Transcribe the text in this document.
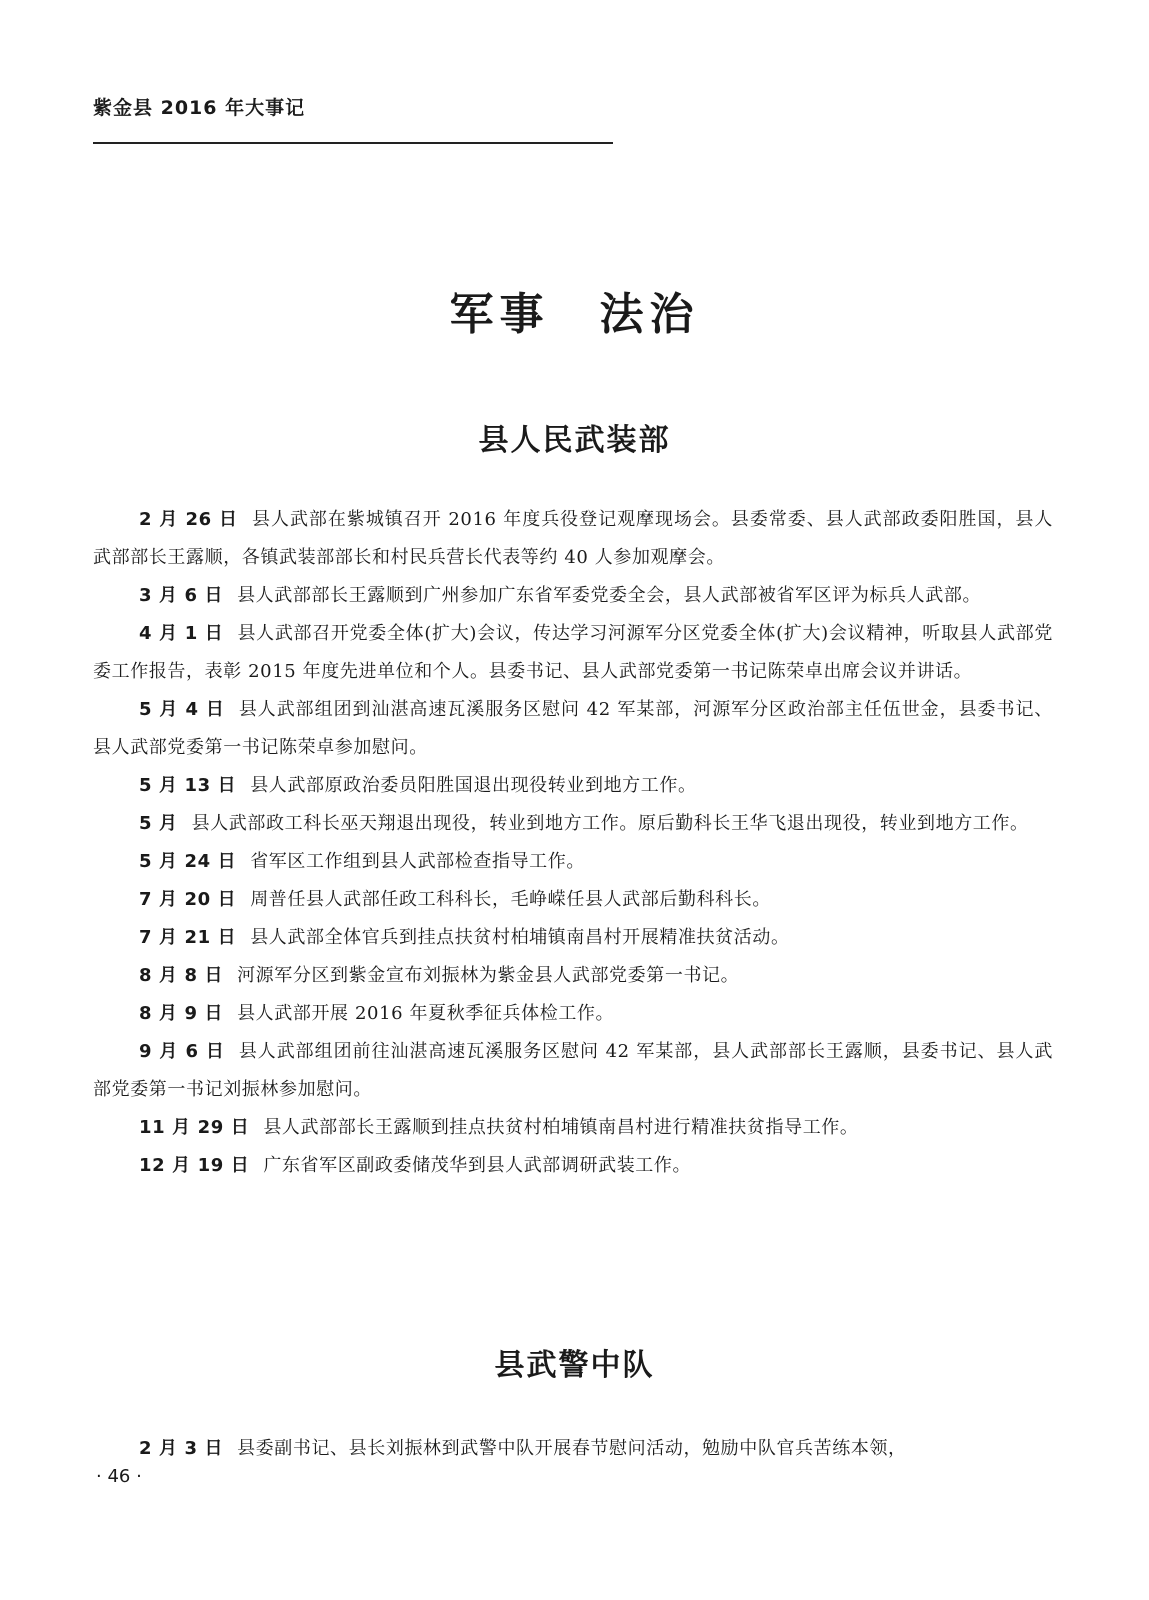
紫金县 2016 年大事记
军事　法治
县人民武装部

2 月 26 日 县人武部在紫城镇召开 2016 年度兵役登记观摩现场会。县委常委、县人武部政委阳胜国，县人武部部长王露顺，各镇武装部部长和村民兵营长代表等约 40 人参加观摩会。

3 月 6 日 县人武部部长王露顺到广州参加广东省军委党委全会，县人武部被省军区评为标兵人武部。

4 月 1 日 县人武部召开党委全体(扩大)会议，传达学习河源军分区党委全体(扩大)会议精神，听取县人武部党委工作报告，表彰 2015 年度先进单位和个人。县委书记、县人武部党委第一书记陈荣卓出席会议并讲话。

5 月 4 日 县人武部组团到汕湛高速瓦溪服务区慰问 42 军某部，河源军分区政治部主任伍世金，县委书记、县人武部党委第一书记陈荣卓参加慰问。

5 月 13 日 县人武部原政治委员阳胜国退出现役转业到地方工作。

5 月 县人武部政工科长巫天翔退出现役，转业到地方工作。原后勤科长王华飞退出现役，转业到地方工作。

5 月 24 日 省军区工作组到县人武部检查指导工作。

7 月 20 日 周普任县人武部任政工科科长，毛峥嵘任县人武部后勤科科长。

7 月 21 日 县人武部全体官兵到挂点扶贫村柏埔镇南昌村开展精准扶贫活动。

8 月 8 日 河源军分区到紫金宣布刘振林为紫金县人武部党委第一书记。

8 月 9 日 县人武部开展 2016 年夏秋季征兵体检工作。

9 月 6 日 县人武部组团前往汕湛高速瓦溪服务区慰问 42 军某部，县人武部部长王露顺，县委书记、县人武部党委第一书记刘振林参加慰问。

11 月 29 日 县人武部部长王露顺到挂点扶贫村柏埔镇南昌村进行精准扶贫指导工作。

12 月 19 日 广东省军区副政委储茂华到县人武部调研武装工作。

县武警中队

2 月 3 日 县委副书记、县长刘振林到武警中队开展春节慰问活动，勉励中队官兵苦练本领，

· 46 ·
